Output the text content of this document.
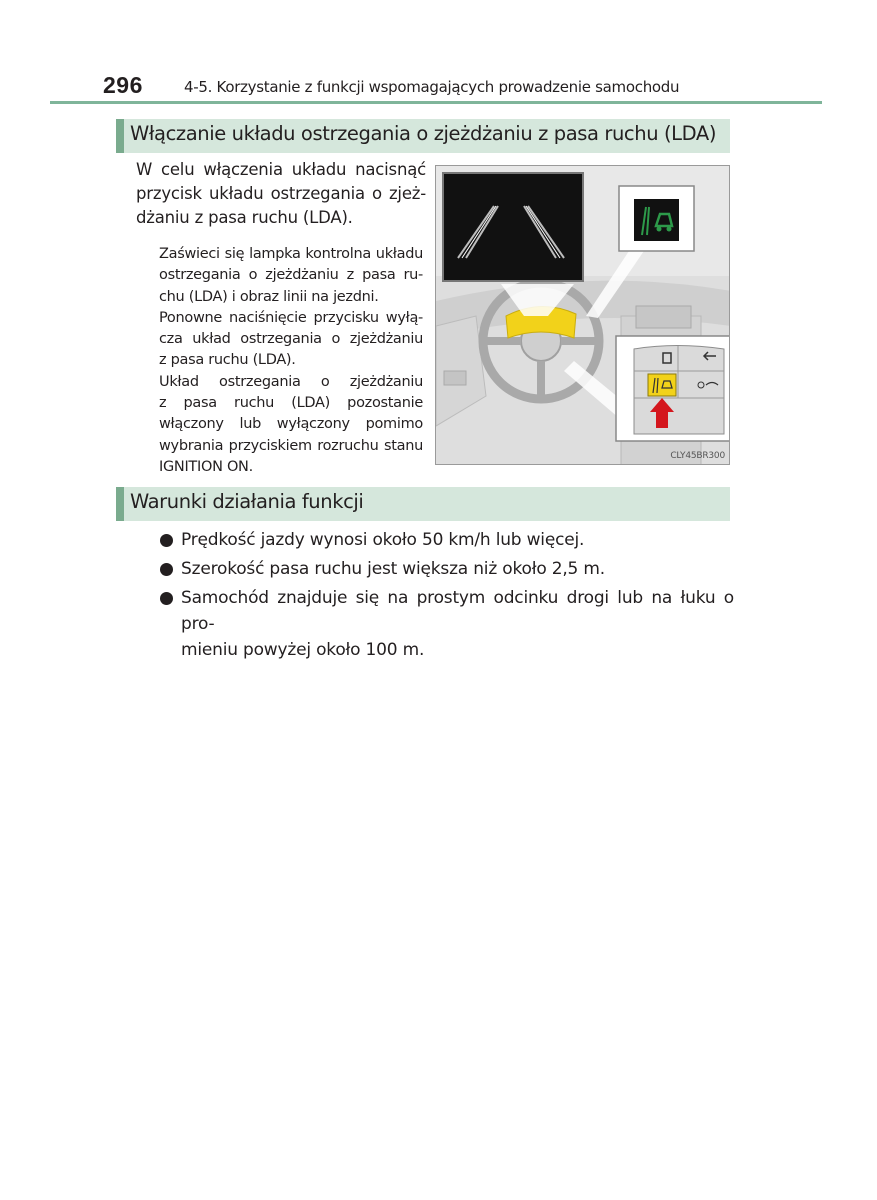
296	4-5. Korzystanie z funkcji wspomagających prowadzenie samochodu
Włączanie układu ostrzegania o zjeżdżaniu z pasa ruchu (LDA)

W celu włączenia układu nacisnąć
przycisk układu ostrzegania o zjeż-
dżaniu z pasa ruchu (LDA).

Zaświeci się lampka kontrolna układu
ostrzegania o zjeżdżaniu z pasa ru-
chu (LDA) i obraz linii na jezdni.
Ponowne naciśnięcie przycisku wyłą-
cza układ ostrzegania o zjeżdżaniu
z pasa ruchu (LDA).
Układ ostrzegania o zjeżdżaniu
z pasa ruchu (LDA) pozostanie
włączony lub wyłączony pomimo
wybrania przyciskiem rozruchu stanu
IGNITION ON.

CLY45BR300
Warunki działania funkcji
Prędkość jazdy wynosi około 50 km/h lub więcej.
Szerokość pasa ruchu jest większa niż około 2,5 m.
Samochód znajduje się na prostym odcinku drogi lub na łuku o pro-
mieniu powyżej około 100 m.
